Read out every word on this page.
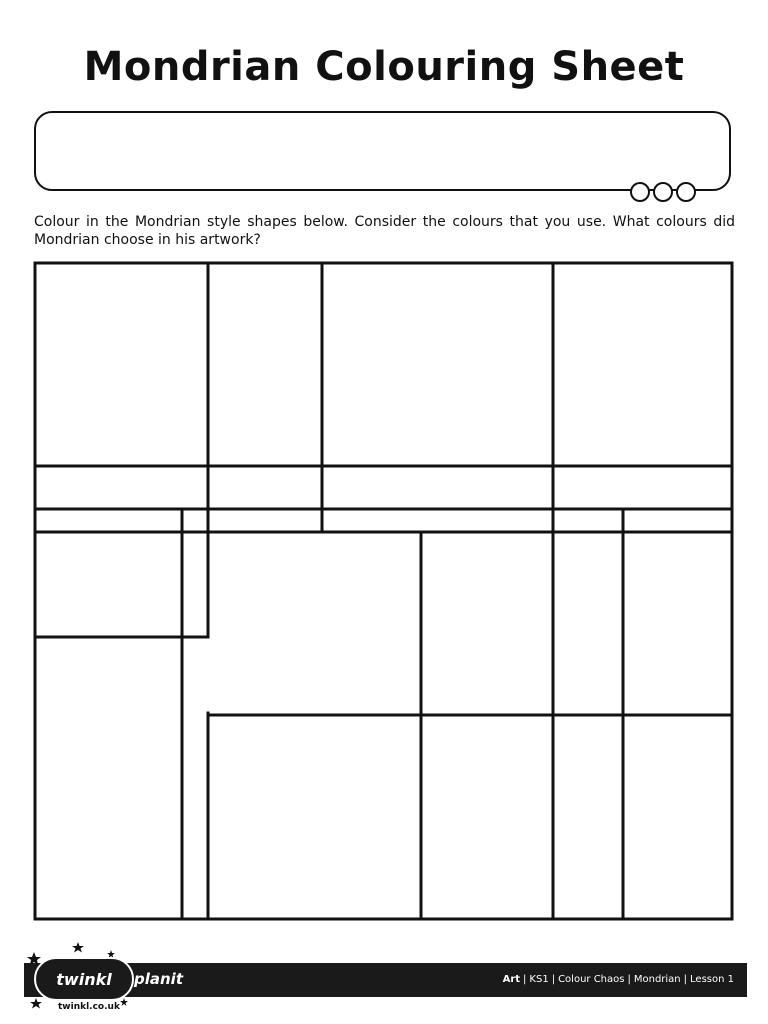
Mondrian Colouring Sheet

Colour in the Mondrian style shapes below. Consider the colours that you use. What colours did Mondrian choose in his artwork?

twinkl
twinkl.co.uk
planit	Art | KS1 | Colour Chaos | Mondrian | Lesson 1
